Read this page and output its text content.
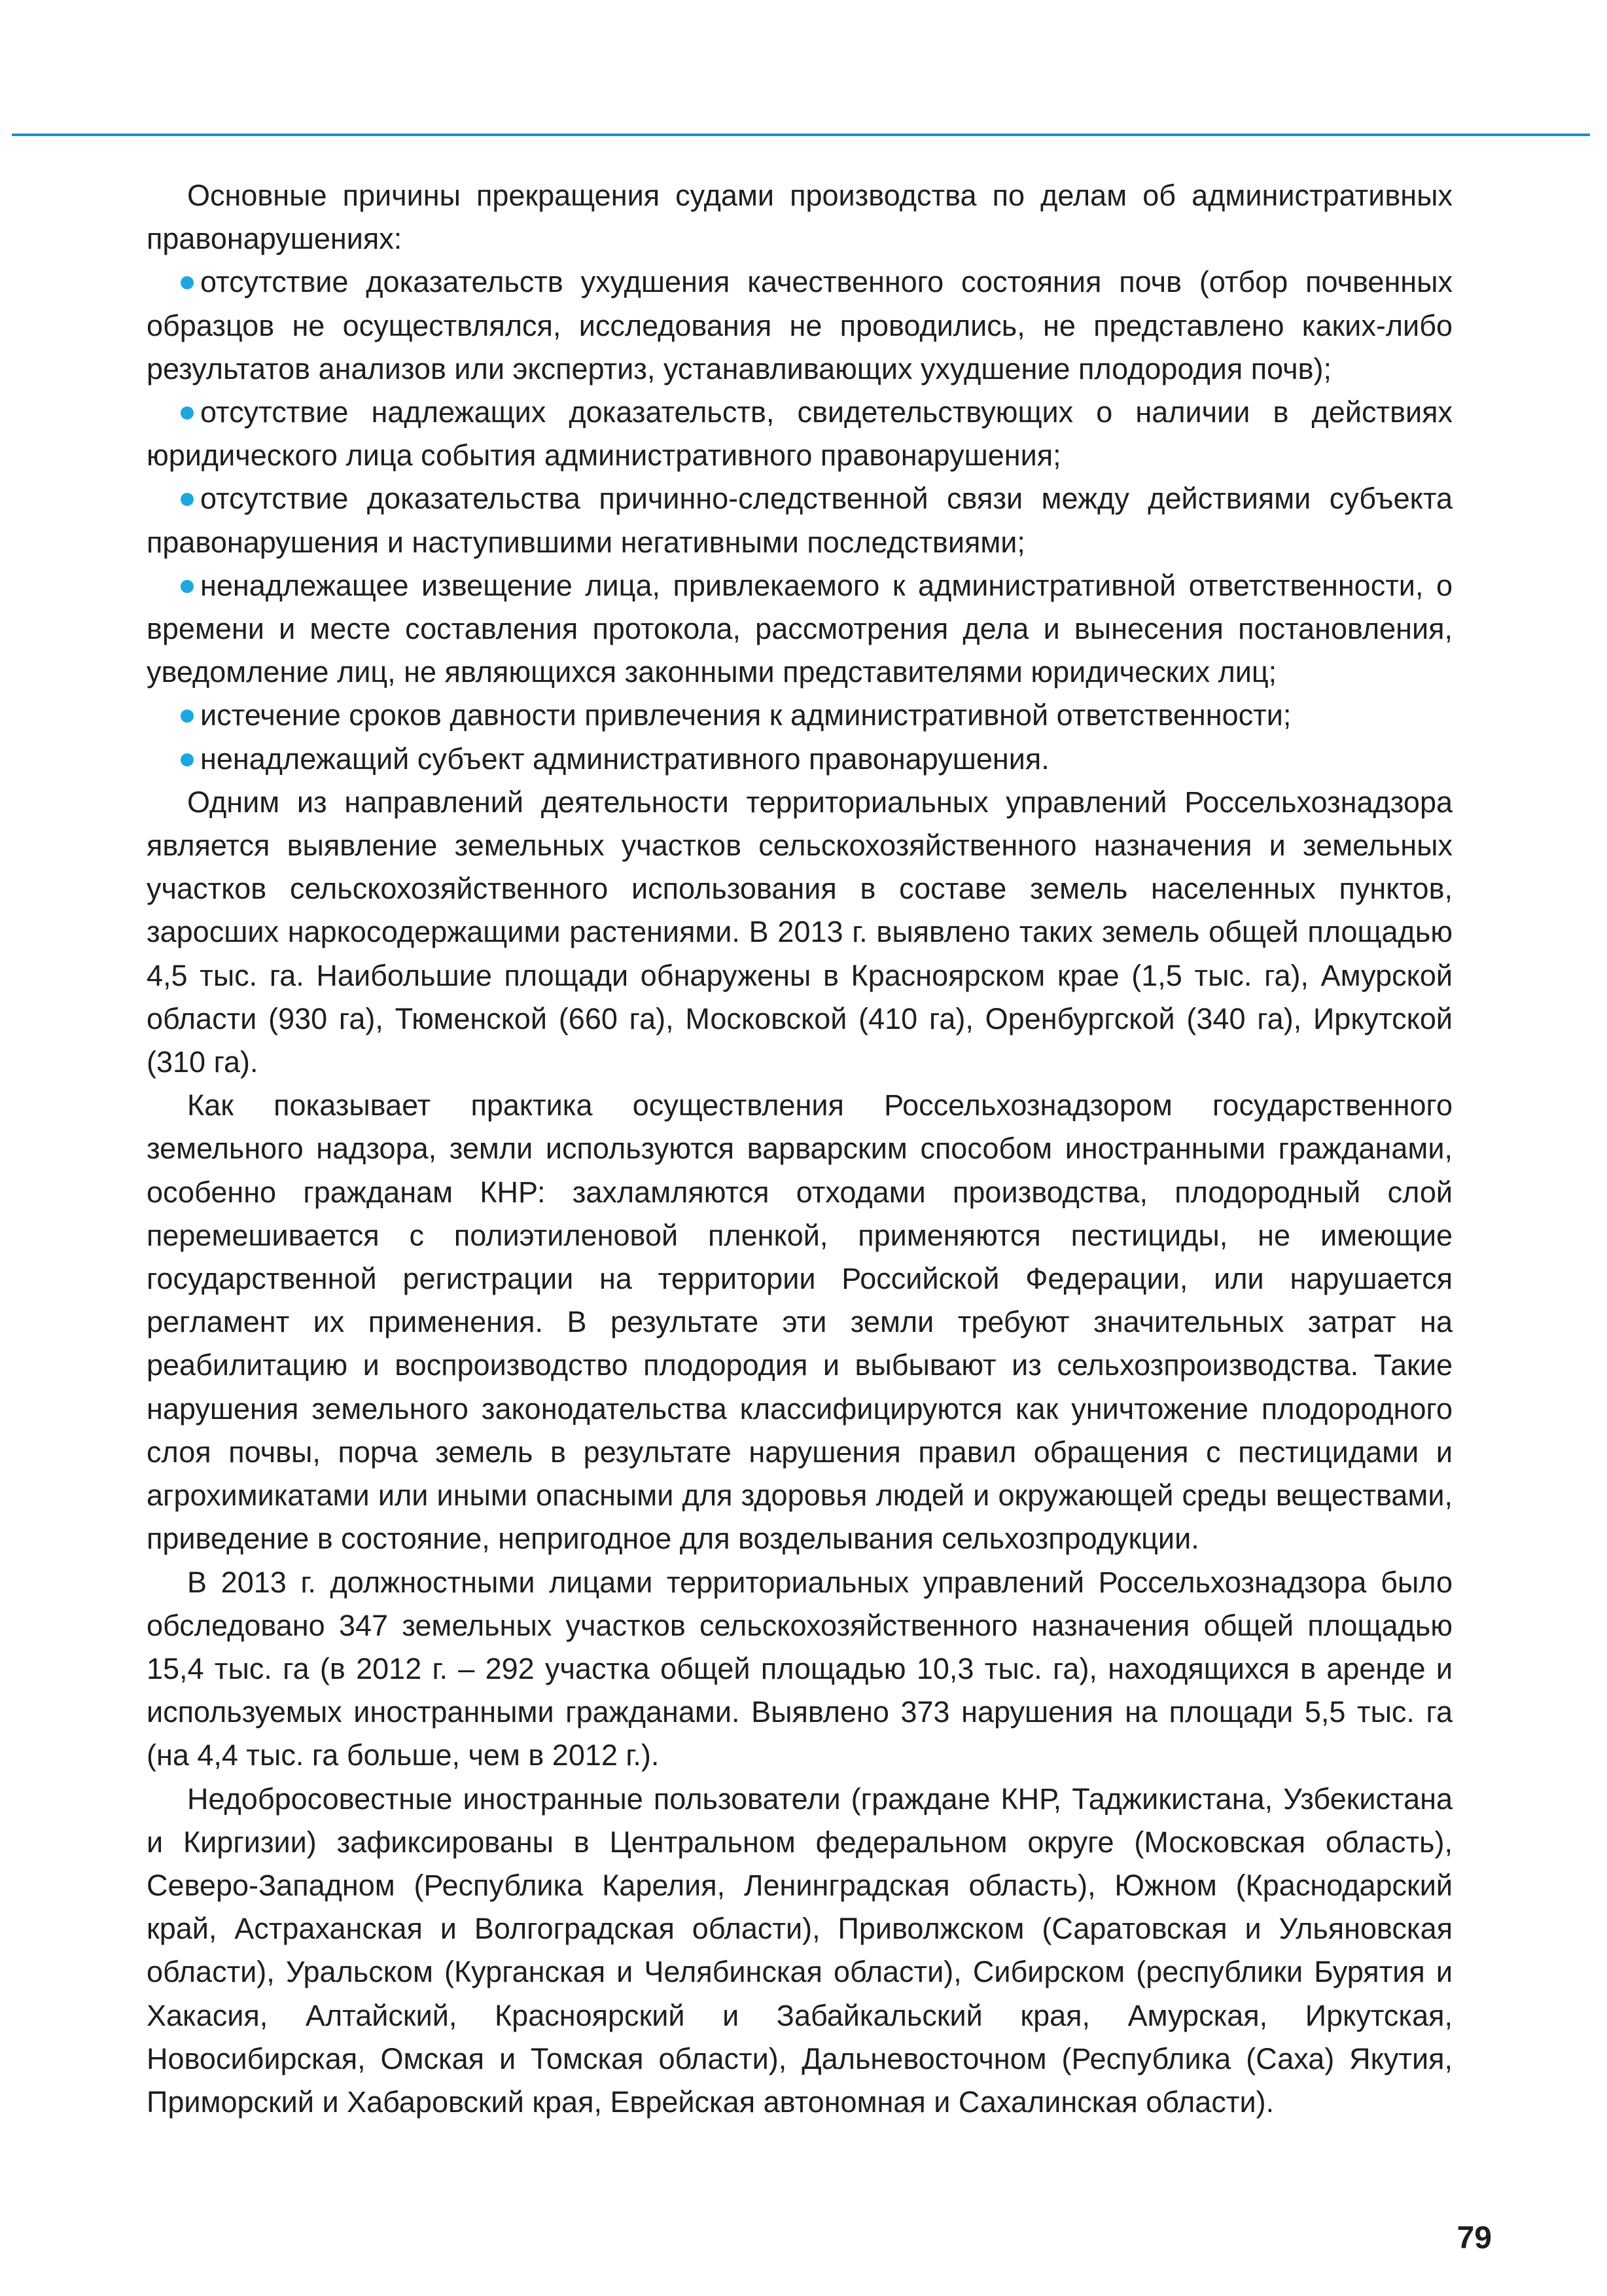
Основные причины прекращения судами производства по делам об административных правонарушениях:

отсутствие доказательств ухудшения качественного состояния почв (отбор почвенных образцов не осуществлялся, исследования не проводились, не представлено каких-либо результатов анализов или экспертиз, устанавливающих ухудшение плодородия почв);

отсутствие надлежащих доказательств, свидетельствующих о наличии в действиях юридического лица события административного правонарушения;

отсутствие доказательства причинно-следственной связи между действиями субъекта правонарушения и наступившими негативными последствиями;

ненадлежащее извещение лица, привлекаемого к административной ответственности, о времени и месте составления протокола, рассмотрения дела и вынесения постановления, уведомление лиц, не являющихся законными представителями юридических лиц;

истечение сроков давности привлечения к административной ответственности;

ненадлежащий субъект административного правонарушения.

Одним из направлений деятельности территориальных управлений Россельхознадзора является выявление земельных участков сельскохозяйственного назначения и земельных участков сельскохозяйственного использования в составе земель населенных пунктов, заросших наркосодержащими растениями. В 2013 г. выявлено таких земель общей площадью 4,5 тыс. га. Наибольшие площади обнаружены в Красноярском крае (1,5 тыс. га), Амурской области (930 га), Тюменской (660 га), Московской (410 га), Оренбургской (340 га), Иркутской (310 га).

Как показывает практика осуществления Россельхознадзором государственного земельного надзора, земли используются варварским способом иностранными гражданами, особенно гражданам КНР: захламляются отходами производства, плодородный слой перемешивается с полиэтиленовой пленкой, применяются пестициды, не имеющие государственной регистрации на территории Российской Федерации, или нарушается регламент их применения. В результате эти земли требуют значительных затрат на реабилитацию и воспроизводство плодородия и выбывают из сельхозпроизводства. Такие нарушения земельного законодательства классифицируются как уничтожение плодородного слоя почвы, порча земель в результате нарушения правил обращения с пестицидами и агрохимикатами или иными опасными для здоровья людей и окружающей среды веществами, приведение в состояние, непригодное для возделывания сельхозпродукции.

В 2013 г. должностными лицами территориальных управлений Россельхознадзора было обследовано 347 земельных участков сельскохозяйственного назначения общей площадью 15,4 тыс. га (в 2012 г. – 292 участка общей площадью 10,3 тыс. га), находящихся в аренде и используемых иностранными гражданами. Выявлено 373 нарушения на площади 5,5 тыс. га (на 4,4 тыс. га больше, чем в 2012 г.).

Недобросовестные иностранные пользователи (граждане КНР, Таджикистана, Узбекистана и Киргизии) зафиксированы в Центральном федеральном округе (Московская область), Северо-Западном (Республика Карелия, Ленинградская область), Южном (Краснодарский край, Астраханская и Волгоградская области), Приволжском (Саратовская и Ульяновская области), Уральском (Курганская и Челябинская области), Сибирском (республики Бурятия и Хакасия, Алтайский, Красноярский и Забайкальский края, Амурская, Иркутская, Новосибирская, Омская и Томская области), Дальневосточном (Республика (Саха) Якутия, Приморский и Хабаровский края, Еврейская автономная и Сахалинская области).

79
